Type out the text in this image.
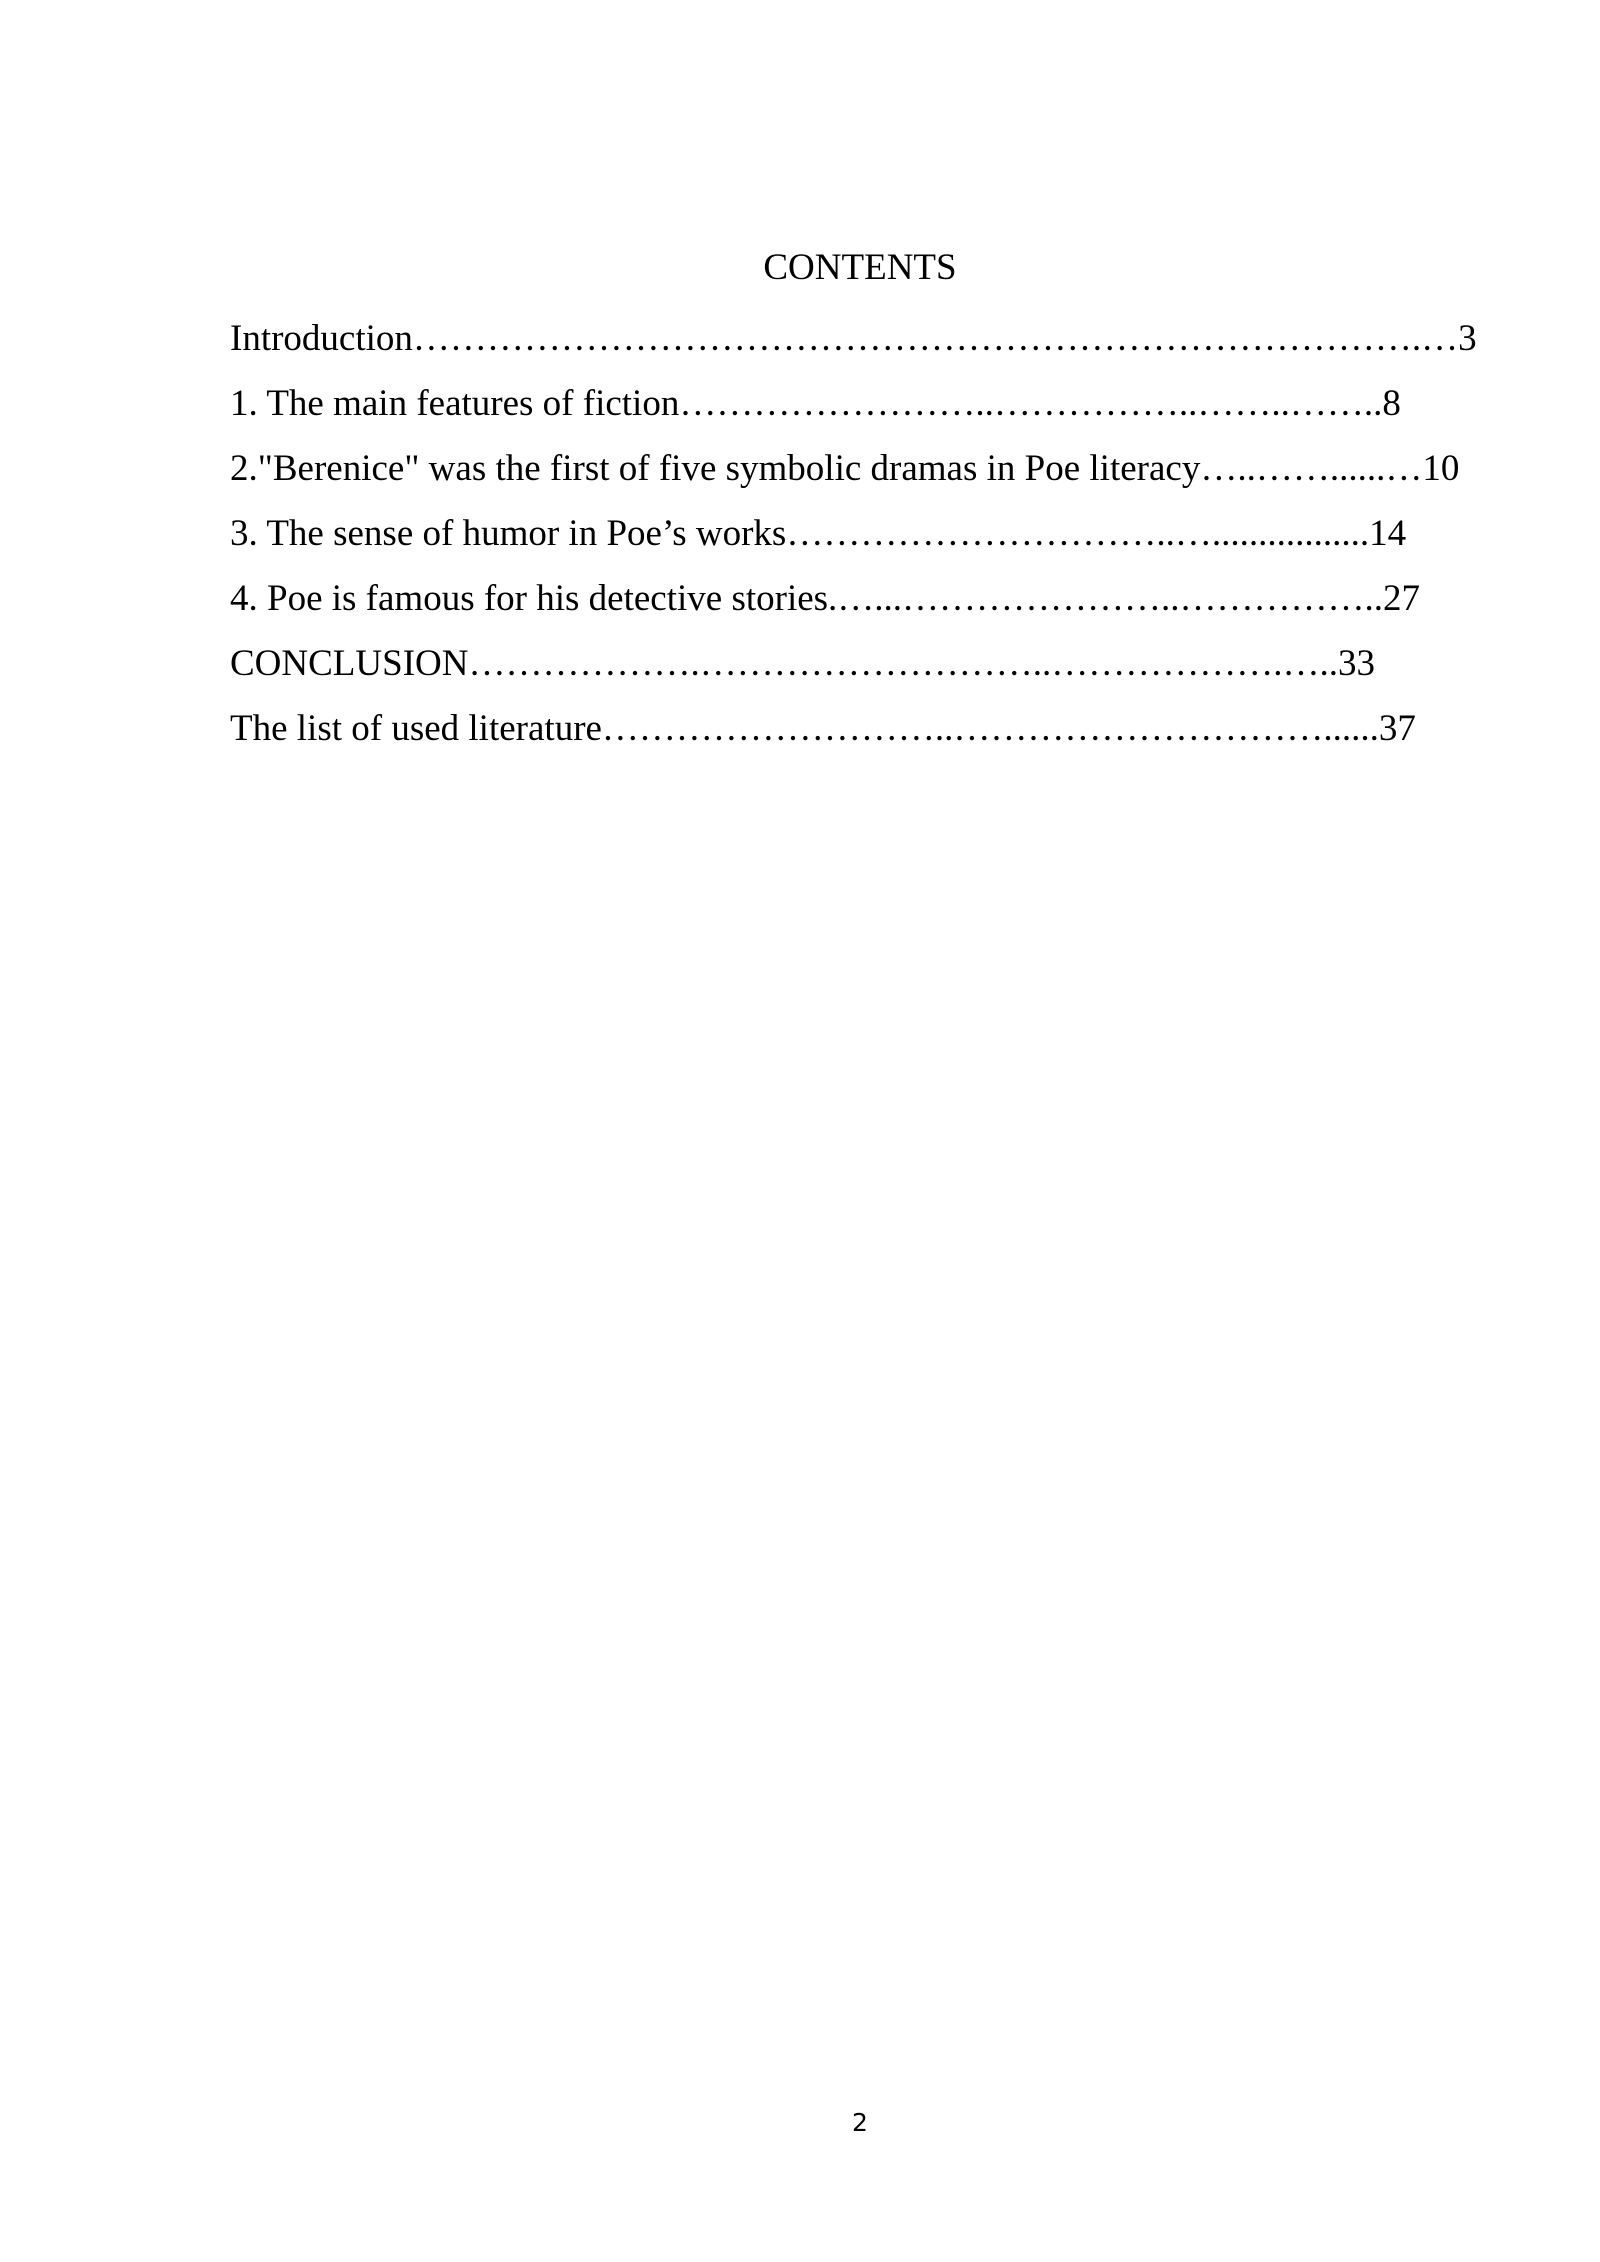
CONTENTS
Introduction……………………………………………………………………….…3
1. The main features of fiction……………………..……………..……..……..8
2."Berenice" was the first of five symbolic dramas in Poe literacy…..……......…10
3. The sense of humor in Poe’s works…………………………..….................14
4. Poe is famous for his detective stories.…...…………………..……………..27
CONCLUSION……………….………………………..……………….…..33
The list of used literature………………………..…………………………......37
2
